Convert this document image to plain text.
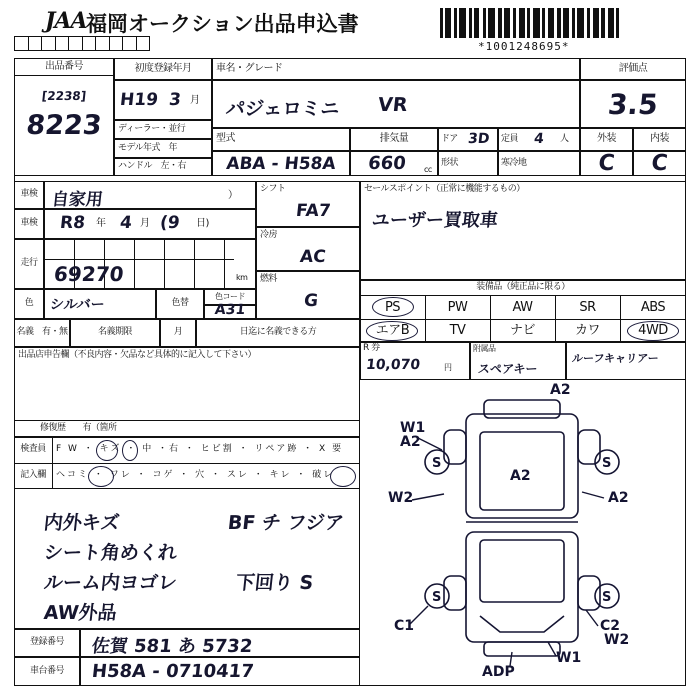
JAA 福岡オークション出品申込書
*1001248695*
出品番号
[2238]
8223
初度登録年月
H19 3 月
ディーラー・並行
モデル年式　年
ハンドル　左・右
車名・グレード
パジェロミニ VR
型式
ABA - H58A
排気量
660	cc
ドア 3D
形状
定員	4 人
寒冷地
評価点
3.5
外装	内装
C	C
車検 自家用	）
車検	R8 年 4 月 (9 日)
走行 69270	km
色	シルバー	色替
色コード
A31
シフト
FA7
冷房
AC
燃料
G
セールスポイント（正常に機能するもの）
ユーザー買取車
装備品（純正品に限る）
PS	PW	AW	SR	ABS
エアB	TV	ナビ	カワ	4WD
R 券
10,070	円
附属品
スペアキー
ルーフキャリアー
名義　有・無	名義期限	月	日迄に名義できる方
出品店申告欄（不良内容・欠品など具体的に記入して下さい）
修復歴　　有（箇所
検査員
記入欄
F W ・ キズ ・ 中 ・右 ・ ヒビ割 ・ リペア跡 ・ X 要
ヘコミ ・ ワレ ・ コゲ ・ 穴 ・ スレ ・ キレ ・ 破レ
内外キズ
シート角めくれ
ルーム内ヨゴレ
AW外品
BF チ フジア
下回り S
登録番号	佐賀 581 あ 5732
車台番号	H58A - 0710417
S	S
S	S
A2
W1
A2
W2	A2
A2
C1	C2
W2
W1
ADP
